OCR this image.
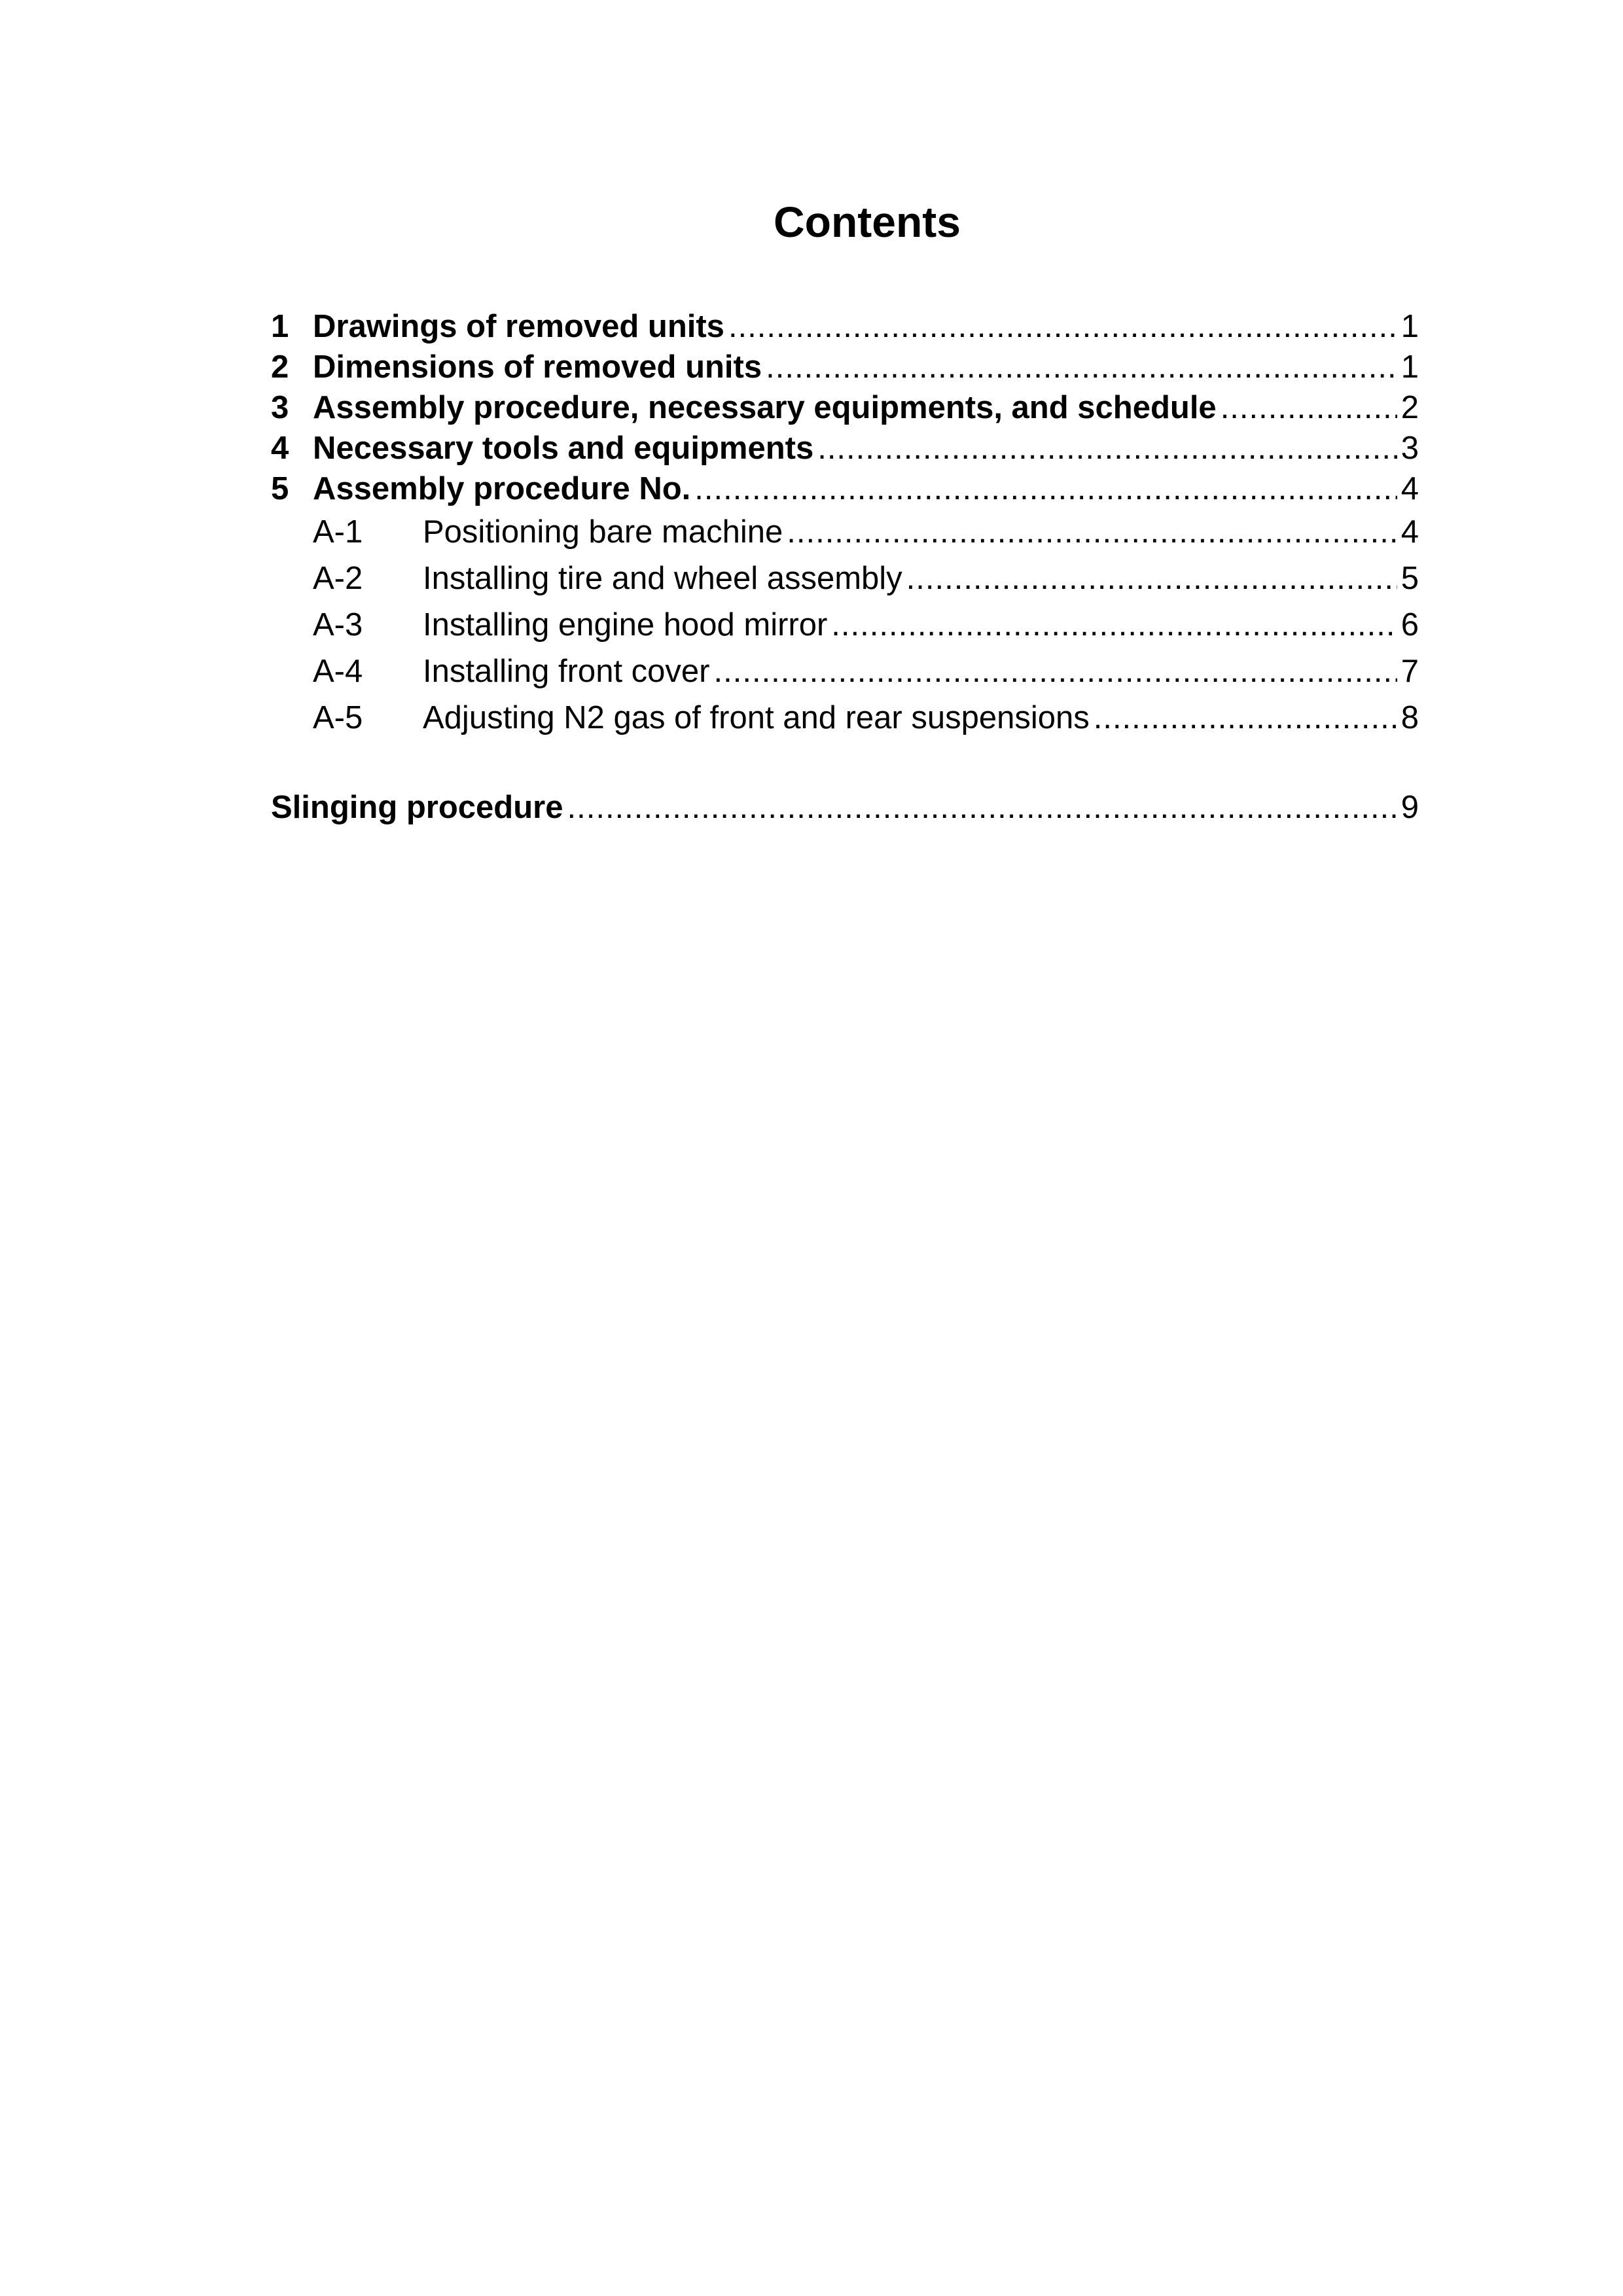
Contents
1 Drawings of removed units .....	1
2 Dimensions of removed units .....	1
3 Assembly procedure, necessary equipments, and schedule .....	2
4 Necessary tools and equipments .....	3
5 Assembly procedure No. .....	4
A-1	Positioning bare machine .....	4
A-2	Installing tire and wheel assembly .....	5
A-3	Installing engine hood mirror .....	6
A-4	Installing front cover .....	7
A-5	Adjusting N2 gas of front and rear suspensions .....	8
Slinging procedure .....	9
